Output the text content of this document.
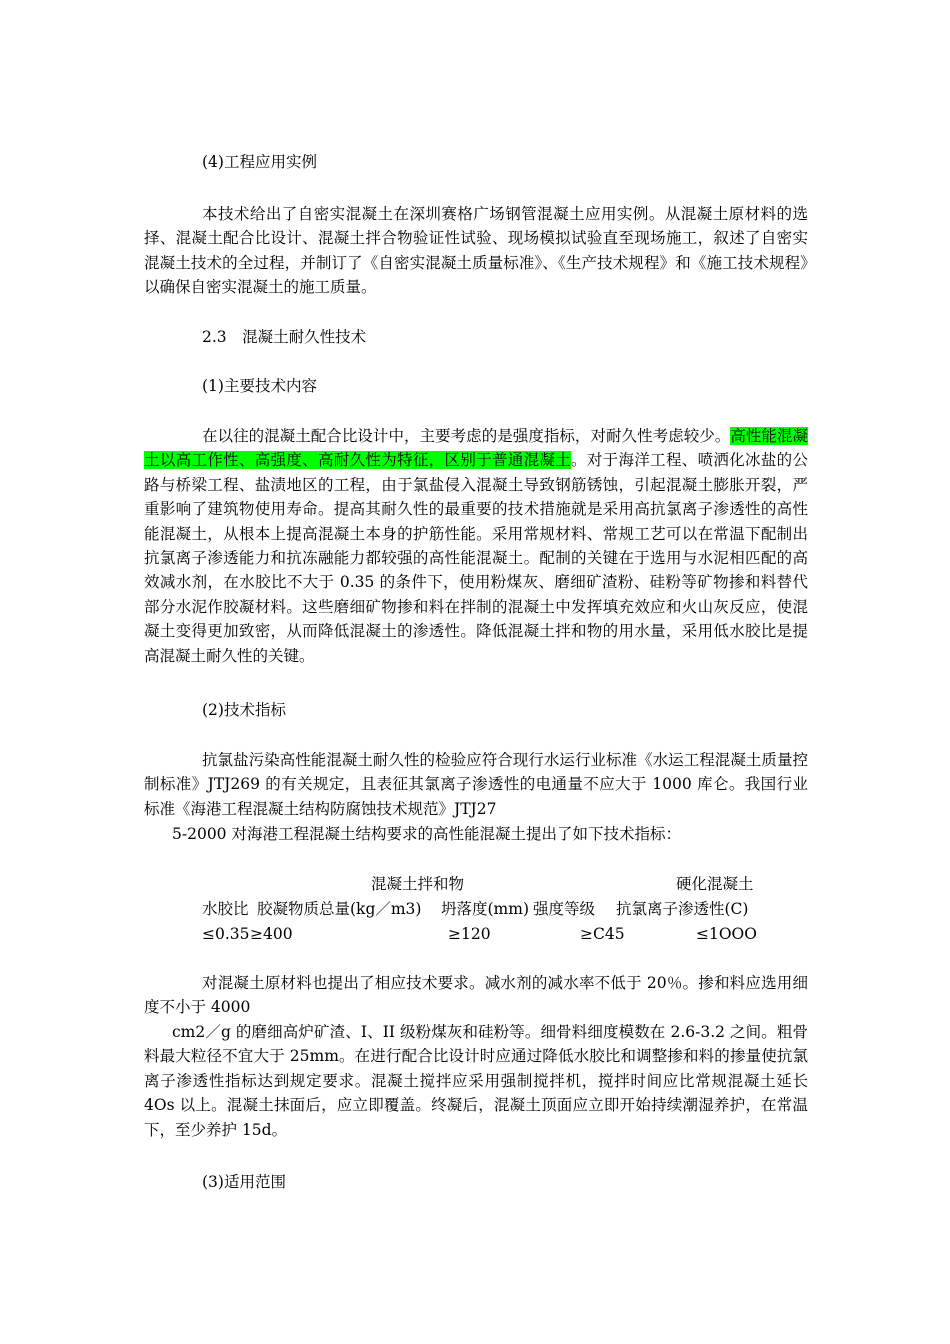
(4)工程应用实例

本技术给出了自密实混凝土在深圳赛格广场钢管混凝土应用实例。从混凝土原材料的选择、混凝土配合比设计、混凝土拌合物验证性试验、现场模拟试验直至现场施工，叙述了自密实混凝土技术的全过程，并制订了《自密实混凝土质量标准》、《生产技术规程》和《施工技术规程》以确保自密实混凝土的施工质量。

2.3　混凝土耐久性技术

(1)主要技术内容

在以往的混凝土配合比设计中，主要考虑的是强度指标，对耐久性考虑较少。高性能混凝土以高工作性、高强度、高耐久性为特征，区别于普通混凝土。对于海洋工程、喷洒化冰盐的公路与桥梁工程、盐渍地区的工程，由于氯盐侵入混凝土导致钢筋锈蚀，引起混凝土膨胀开裂，严重影响了建筑物使用寿命。提高其耐久性的最重要的技术措施就是采用高抗氯离子渗透性的高性能混凝土，从根本上提高混凝土本身的护筋性能。采用常规材料、常规工艺可以在常温下配制出抗氯离子渗透能力和抗冻融能力都较强的高性能混凝土。配制的关键在于选用与水泥相匹配的高效减水剂，在水胶比不大于 0.35 的条件下，使用粉煤灰、磨细矿渣粉、硅粉等矿物掺和料替代部分水泥作胶凝材料。这些磨细矿物掺和料在拌制的混凝土中发挥填充效应和火山灰反应，使混凝土变得更加致密，从而降低混凝土的渗透性。降低混凝土拌和物的用水量，采用低水胶比是提高混凝土耐久性的关键。

(2)技术指标

抗氯盐污染高性能混凝土耐久性的检验应符合现行水运行业标准《水运工程混凝土质量控制标准》JTJ269 的有关规定，且表征其氯离子渗透性的电通量不应大于 1000 库仑。我国行业标准《海港工程混凝土结构防腐蚀技术规范》JTJ27

5-2000 对海港工程混凝土结构要求的高性能混凝土提出了如下技术指标：
混凝土拌和物	硬化混凝土
水胶比 胶凝物质总量(kg／m3) 坍落度(mm) 强度等级 抗氯离子渗透性(C)
≤0.35 ≥400	≥120	≥C45	≤1OOO

对混凝土原材料也提出了相应技术要求。减水剂的减水率不低于 20％。掺和料应选用细度不小于 4000

cm2／g 的磨细高炉矿渣、I、II 级粉煤灰和硅粉等。细骨料细度模数在 2.6-3.2 之间。粗骨料最大粒径不宜大于 25mm。在进行配合比设计时应通过降低水胶比和调整掺和料的掺量使抗氯离子渗透性指标达到规定要求。混凝土搅拌应采用强制搅拌机，搅拌时间应比常规混凝土延长 4Os 以上。混凝土抹面后，应立即覆盖。终凝后，混凝土顶面应立即开始持续潮湿养护，在常温下，至少养护 15d。

(3)适用范围
